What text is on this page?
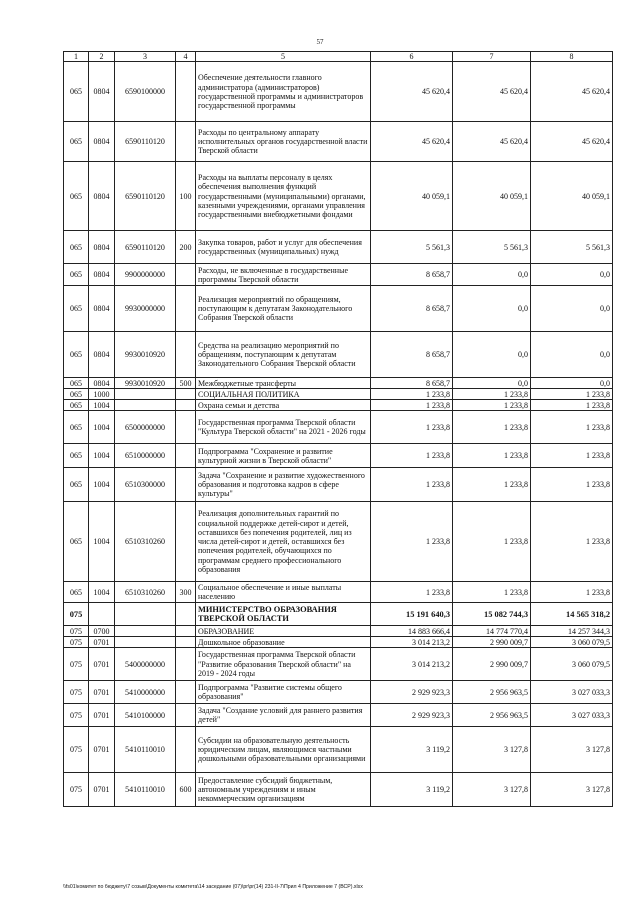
57
1	2	3	4	5	6	7	8
065	0804	6590100000		Обеспечение деятельности главного администратора (администраторов) государственной программы и администраторов государственной программы	45 620,4	45 620,4	45 620,4
065	0804	6590110120		Расходы по центральному аппарату исполнительных органов государственной власти Тверской области	45 620,4	45 620,4	45 620,4
065	0804	6590110120	100	Расходы на выплаты персоналу в целях обеспечения выполнения функций государственными (муниципальными) органами, казенными учреждениями, органами управления государственными внебюджетными фондами	40 059,1	40 059,1	40 059,1
065	0804	6590110120	200	Закупка товаров, работ и услуг для обеспечения государственных (муниципальных) нужд	5 561,3	5 561,3	5 561,3
065	0804	9900000000		Расходы, не включенные в государственные программы Тверской области	8 658,7	0,0	0,0
065	0804	9930000000		Реализация мероприятий по обращениям, поступающим к депутатам Законодательного Собрания Тверской области	8 658,7	0,0	0,0
065	0804	9930010920		Средства на реализацию мероприятий по обращениям, поступающим к депутатам Законодательного Собрания Тверской области	8 658,7	0,0	0,0
065	0804	9930010920	500	Межбюджетные трансферты	8 658,7	0,0	0,0
065	1000			СОЦИАЛЬНАЯ ПОЛИТИКА	1 233,8	1 233,8	1 233,8
065	1004			Охрана семьи и детства	1 233,8	1 233,8	1 233,8
065	1004	6500000000		Государственная программа Тверской области "Культура Тверской области" на 2021 - 2026 годы	1 233,8	1 233,8	1 233,8
065	1004	6510000000		Подпрограмма "Сохранение и развитие культурной жизни в Тверской области"	1 233,8	1 233,8	1 233,8
065	1004	6510300000		Задача "Сохранение и развитие художественного образования и подготовка кадров в сфере культуры"	1 233,8	1 233,8	1 233,8
065	1004	6510310260		Реализация дополнительных гарантий по социальной поддержке детей-сирот и детей, оставшихся без попечения родителей, лиц из числа детей-сирот и детей, оставшихся без попечения родителей, обучающихся по программам среднего профессионального образования	1 233,8	1 233,8	1 233,8
065	1004	6510310260	300	Социальное обеспечение и иные выплаты населению	1 233,8	1 233,8	1 233,8
075				МИНИСТЕРСТВО ОБРАЗОВАНИЯ ТВЕРСКОЙ ОБЛАСТИ	15 191 640,3	15 082 744,3	14 565 318,2
075	0700			ОБРАЗОВАНИЕ	14 883 666,4	14 774 770,4	14 257 344,3
075	0701			Дошкольное образование	3 014 213,2	2 990 009,7	3 060 079,5
075	0701	5400000000		Государственная программа Тверской области "Развитие образования Тверской области" на 2019 - 2024 годы	3 014 213,2	2 990 009,7	3 060 079,5
075	0701	5410000000		Подпрограмма "Развитие системы общего образования"	2 929 923,3	2 956 963,5	3 027 033,3
075	0701	5410100000		Задача "Создание условий для раннего развития детей"	2 929 923,3	2 956 963,5	3 027 033,3
075	0701	5410110010		Субсидии на образовательную деятельность юридическим лицам, являющимся частными дошкольными образовательными организациями	3 119,2	3 127,8	3 127,8
075	0701	5410110010	600	Предоставление субсидий бюджетным, автономным учреждениям и иным некоммерческим организациям	3 119,2	3 127,8	3 127,8
\\fs01\комитет по бюджету\7 созыв\Документы комитета\14 заседание (07)\pr\pr(14) 231-II-7\Прил 4 Приложение 7 (ВСР).xlsx
